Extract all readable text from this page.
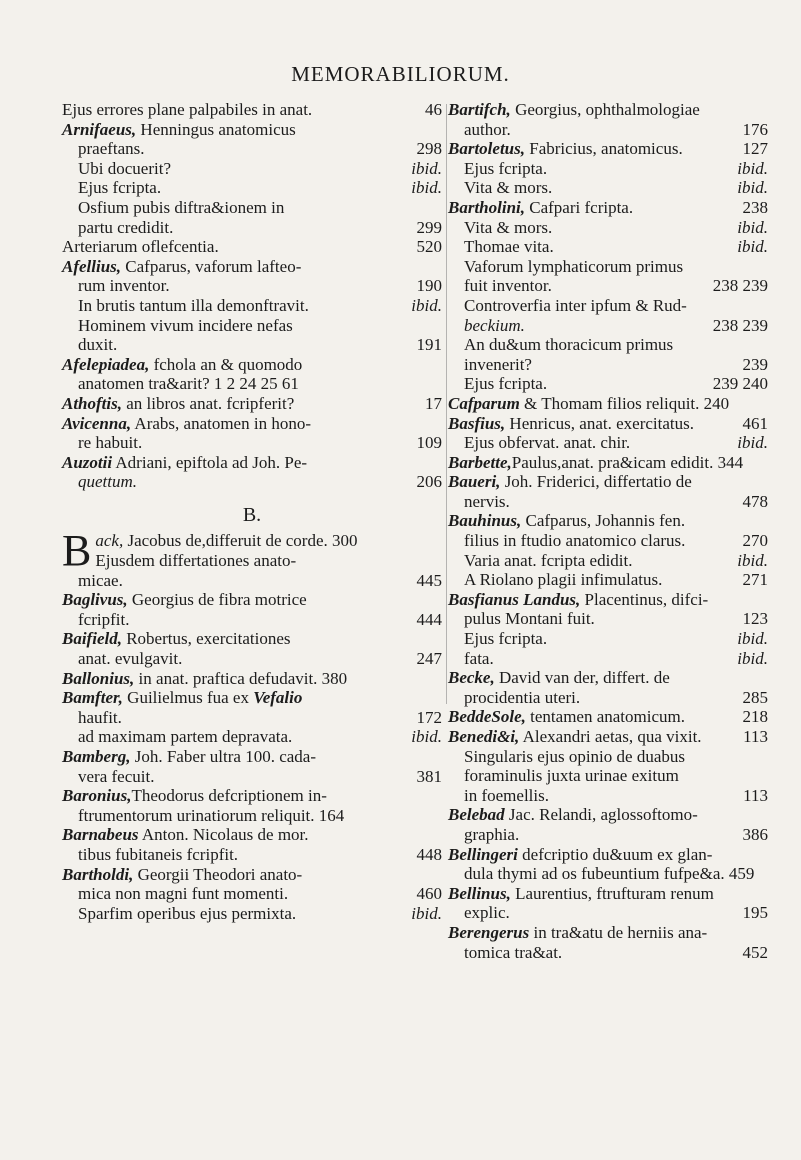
MEMORABILIORUM.
Ejus errores plane palpabiles in anat.	46
Arnifaeus, Henningus anatomicus
praeftans.	298
Ubi docuerit?	ibid.
Ejus fcripta.	ibid.
Osfium pubis diftra&ionem in
partu credidit.	299
Arteriarum oflefcentia.	520
Afellius, Cafparus, vaforum lafteo-
rum inventor.	190
In brutis tantum illa demonftravit.	ibid.
Hominem vivum incidere nefas
duxit.	191
Afelepiadea, fchola an & quomodo
anatomen tra&arit? 1 2 24 25 61
Athoftis, an libros anat. fcripferit?	17
Avicenna, Arabs, anatomen in hono-
re habuit.	109
Auzotii Adriani, epiftola ad Joh. Pe-
quettum.	206
B.
Back, Jacobus de,differuit de corde. 300
Ejusdem differtationes anato-
micae.	445
Baglivus, Georgius de fibra motrice
fcripfit.	444
Baifield, Robertus, exercitationes
anat. evulgavit.	247
Ballonius, in anat. praftica defudavit. 380
Bamfter, Guilielmus fua ex Vefalio
haufit.	172
ad maximam partem depravata.	ibid.
Bamberg, Joh. Faber ultra 100. cada-
vera fecuit.	381
Baronius,Theodorus defcriptionem in-
ftrumentorum urinatiorum reliquit. 164
Barnabeus Anton. Nicolaus de mor.
tibus fubitaneis fcripfit.	448
Bartholdi, Georgii Theodori anato-
mica non magni funt momenti.	460
Sparfim operibus ejus permixta.	ibid.
Bartifch, Georgius, ophthalmologiae
author.	176
Bartoletus, Fabricius, anatomicus.	127
Ejus fcripta.	ibid.
Vita & mors.	ibid.
Bartholini, Cafpari fcripta.	238
Vita & mors.	ibid.
Thomae vita.	ibid.
Vaforum lymphaticorum primus
fuit inventor.	238 239
Controverfia inter ipfum & Rud-
beckium.	238 239
An du&um thoracicum primus
invenerit?	239
Ejus fcripta.	239 240
Cafparum & Thomam filios reliquit. 240
Basfius, Henricus, anat. exercitatus.	461
Ejus obfervat. anat. chir.	ibid.
Barbette,Paulus,anat. pra&icam edidit. 344
Baueri, Joh. Friderici, differtatio de
nervis.	478
Bauhinus, Cafparus, Johannis fen.
filius in ftudio anatomico clarus.	270
Varia anat. fcripta edidit.	ibid.
A Riolano plagii infimulatus.	271
Basfianus Landus, Placentinus, difci-
pulus Montani fuit.	123
Ejus fcripta.	ibid.
fata.	ibid.
Becke, David van der, differt. de
procidentia uteri.	285
BeddeSole, tentamen anatomicum.	218
Benedi&i, Alexandri aetas, qua vixit. 113
Singularis ejus opinio de duabus
foraminulis juxta urinae exitum
in foemellis.	113
Belebad Jac. Relandi, aglossoftomo-
graphia.	386
Bellingeri defcriptio du&uum ex glan-
dula thymi ad os fubeuntium fufpe&a. 459
Bellinus, Laurentius, ftrufturam renum
explic.	195
Berengerus in tra&atu de herniis ana-
tomica tra&at.	452
